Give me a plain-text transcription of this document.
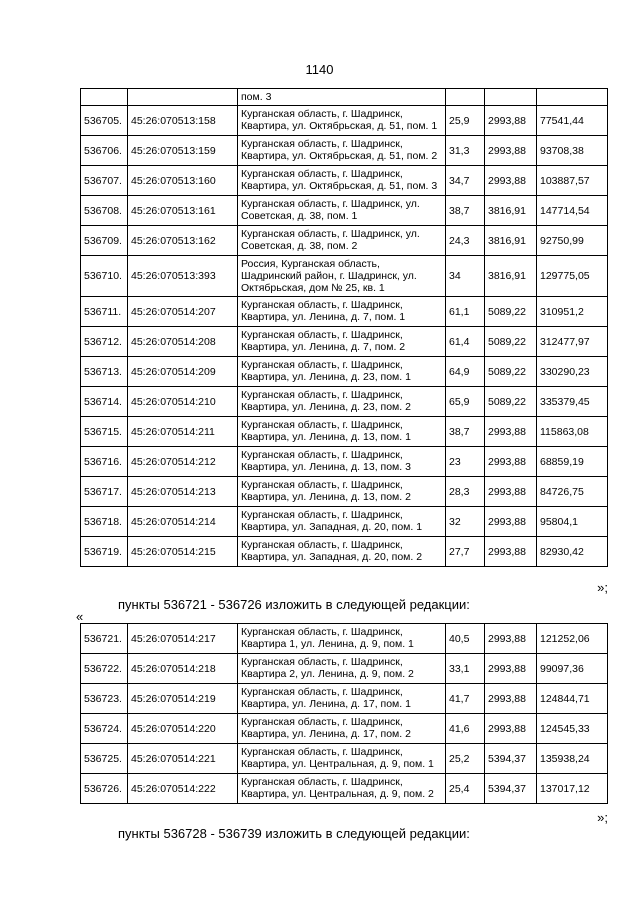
1140
		пом. 3			
536705.	45:26:070513:158	Курганская область, г. Шадринск, Квартира, ул. Октябрьская, д. 51, пом. 1	25,9	2993,88	77541,44
536706.	45:26:070513:159	Курганская область, г. Шадринск, Квартира, ул. Октябрьская, д. 51, пом. 2	31,3	2993,88	93708,38
536707.	45:26:070513:160	Курганская область, г. Шадринск, Квартира, ул. Октябрьская, д. 51, пом. 3	34,7	2993,88	103887,57
536708.	45:26:070513:161	Курганская область, г. Шадринск, ул. Советская, д. 38, пом. 1	38,7	3816,91	147714,54
536709.	45:26:070513:162	Курганская область, г. Шадринск, ул. Советская, д. 38, пом. 2	24,3	3816,91	92750,99
536710.	45:26:070513:393	Россия, Курганская область, Шадринский район, г. Шадринск, ул. Октябрьская, дом № 25, кв. 1	34	3816,91	129775,05
536711.	45:26:070514:207	Курганская область, г. Шадринск, Квартира, ул. Ленина, д. 7, пом. 1	61,1	5089,22	310951,2
536712.	45:26:070514:208	Курганская область, г. Шадринск, Квартира, ул. Ленина, д. 7, пом. 2	61,4	5089,22	312477,97
536713.	45:26:070514:209	Курганская область, г. Шадринск, Квартира, ул. Ленина, д. 23, пом. 1	64,9	5089,22	330290,23
536714.	45:26:070514:210	Курганская область, г. Шадринск, Квартира, ул. Ленина, д. 23, пом. 2	65,9	5089,22	335379,45
536715.	45:26:070514:211	Курганская область, г. Шадринск, Квартира, ул. Ленина, д. 13, пом. 1	38,7	2993,88	115863,08
536716.	45:26:070514:212	Курганская область, г. Шадринск, Квартира, ул. Ленина, д. 13, пом. 3	23	2993,88	68859,19
536717.	45:26:070514:213	Курганская область, г. Шадринск, Квартира, ул. Ленина, д. 13, пом. 2	28,3	2993,88	84726,75
536718.	45:26:070514:214	Курганская область, г. Шадринск, Квартира, ул. Западная, д. 20, пом. 1	32	2993,88	95804,1
536719.	45:26:070514:215	Курганская область, г. Шадринск, Квартира, ул. Западная, д. 20, пом. 2	27,7	2993,88	82930,42
»;
пункты 536721 - 536726 изложить в следующей редакции:
«
536721.	45:26:070514:217	Курганская область, г. Шадринск, Квартира 1, ул. Ленина, д. 9, пом. 1	40,5	2993,88	121252,06
536722.	45:26:070514:218	Курганская область, г. Шадринск, Квартира 2, ул. Ленина, д. 9, пом. 2	33,1	2993,88	99097,36
536723.	45:26:070514:219	Курганская область, г. Шадринск, Квартира, ул. Ленина, д. 17, пом. 1	41,7	2993,88	124844,71
536724.	45:26:070514:220	Курганская область, г. Шадринск, Квартира, ул. Ленина, д. 17, пом. 2	41,6	2993,88	124545,33
536725.	45:26:070514:221	Курганская область, г. Шадринск, Квартира, ул. Центральная, д. 9, пом. 1	25,2	5394,37	135938,24
536726.	45:26:070514:222	Курганская область, г. Шадринск, Квартира, ул. Центральная, д. 9, пом. 2	25,4	5394,37	137017,12
»;
пункты 536728 - 536739 изложить в следующей редакции:
